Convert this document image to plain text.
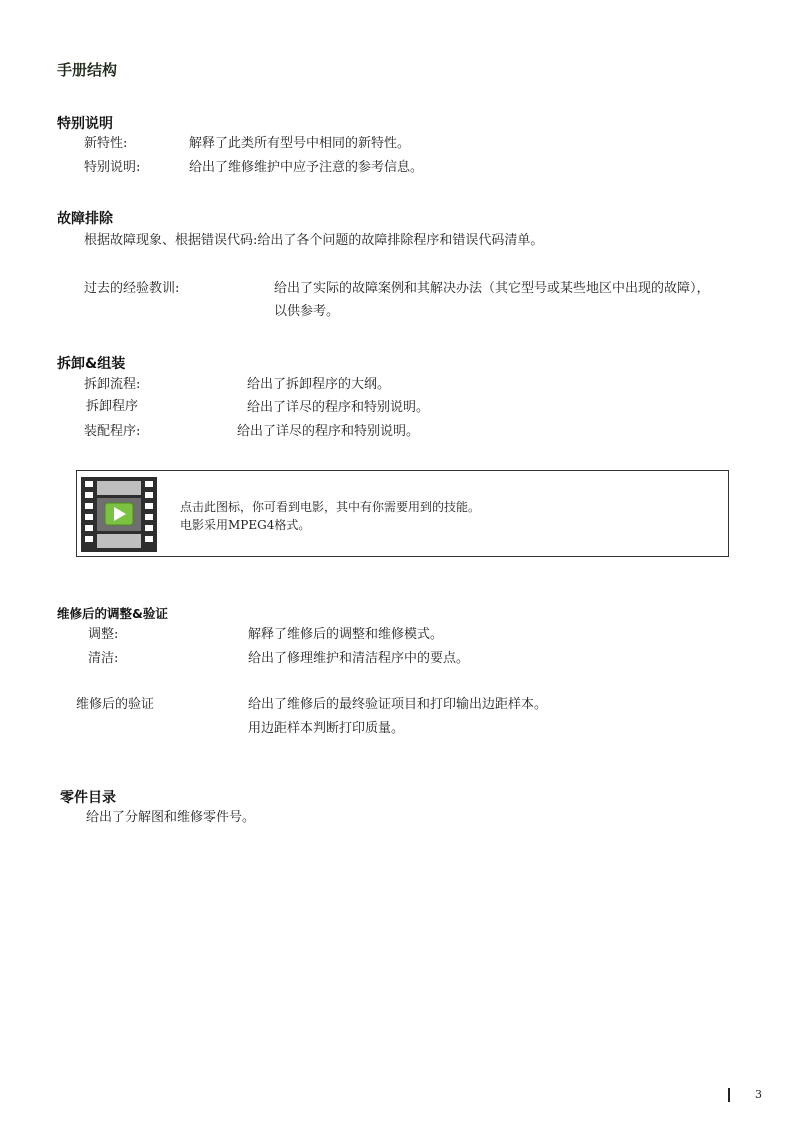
手册结构
特别说明
新特性:	解释了此类所有型号中相同的新特性。
特别说明:	给出了维修维护中应予注意的参考信息。
故障排除
根据故障现象、根据错误代码:给出了各个问题的故障排除程序和错误代码清单。
过去的经验教训:	给出了实际的故障案例和其解决办法（其它型号或某些地区中出现的故障），
以供参考。
拆卸&组装
拆卸流程:	给出了拆卸程序的大纲。
拆卸程序	给出了详尽的程序和特别说明。
装配程序:	给出了详尽的程序和特别说明。
点击此图标，你可看到电影，其中有你需要用到的技能。
电影采用MPEG4格式。
维修后的调整&验证
调整:	解释了维修后的调整和维修模式。
清洁:	给出了修理维护和清洁程序中的要点。
维修后的验证	给出了维修后的最终验证项目和打印输出边距样本。
用边距样本判断打印质量。
零件目录
给出了分解图和维修零件号。
3
